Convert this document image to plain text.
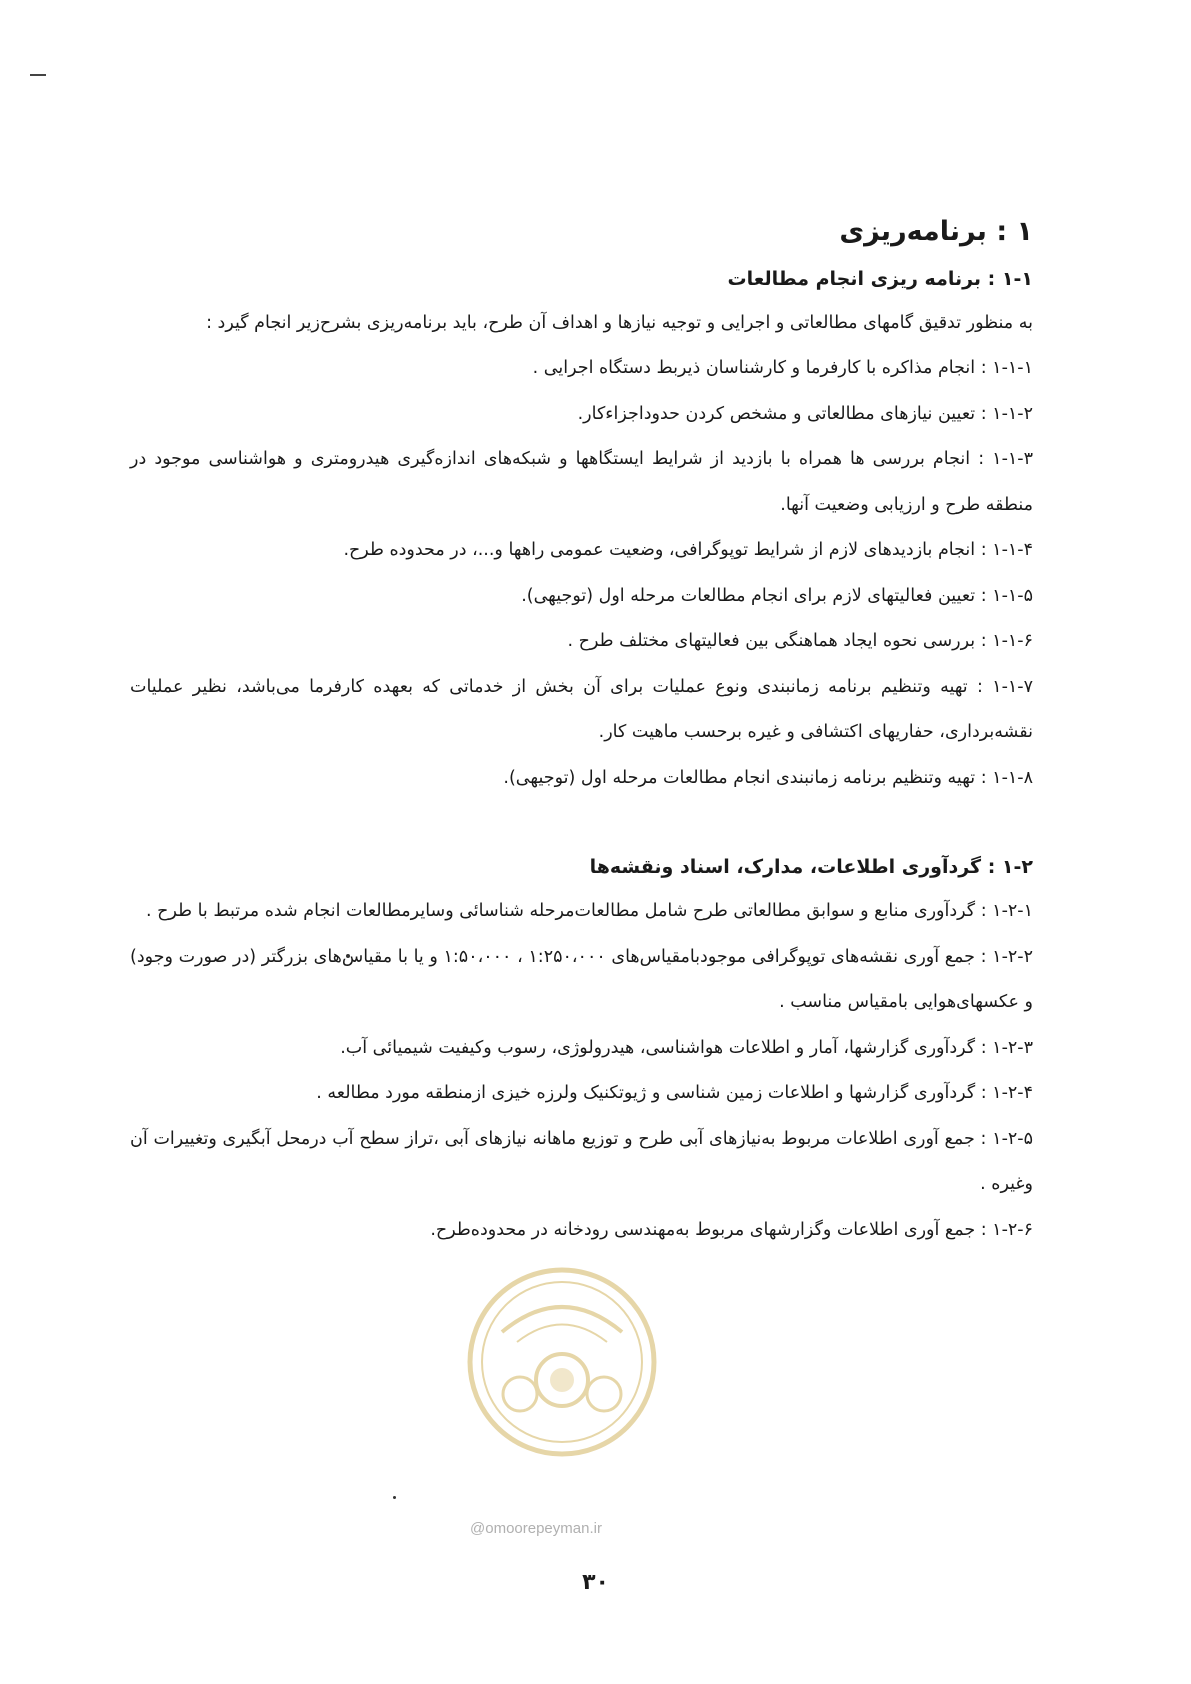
۱ : برنامه‌ریزی
۱-۱ : برنامه ریزی انجام مطالعات

به منظور تدقیق گامهای مطالعاتی و اجرایی و توجیه نیازها و اهداف آن طرح، باید برنامه‌ریزی بشرح‌زیر انجام گیرد :

۱-۱-۱ : انجام مذاکره با کارفرما و کارشناسان ذیربط دستگاه اجرایی .

۱-۱-۲ : تعیین نیازهای مطالعاتی و مشخص کردن حدوداجزاءکار.

۱-۱-۳ : انجام بررسی ها همراه با بازدید از شرایط ایستگاهها و شبکه‌های اندازه‌گیری هیدرومتری و هواشناسی موجود در منطقه طرح و ارزیابی وضعیت آنها.

۱-۱-۴ : انجام بازدیدهای لازم از شرایط توپوگرافی، وضعیت عمومی راهها و...، در محدوده طرح.

۱-۱-۵ : تعیین فعالیتهای لازم برای انجام مطالعات مرحله اول (توجیهی).

۱-۱-۶ : بررسی نحوه ایجاد هماهنگی بین فعالیتهای مختلف طرح .

۱-۱-۷ : تهیه وتنظیم برنامه زمانبندی ونوع عملیات برای آن بخش از خدماتی که بعهده کارفرما می‌باشد، نظیر عملیات نقشه‌برداری، حفاریهای اکتشافی و غیره برحسب ماهیت کار.

۱-۱-۸ : تهیه وتنظیم برنامه زمانبندی انجام مطالعات مرحله اول (توجیهی).

۱-۲ : گردآوری اطلاعات، مدارک، اسناد ونقشه‌ها

۱-۲-۱ : گردآوری منابع و سوابق مطالعاتی طرح شامل مطالعات‌مرحله شناسائی وسایرمطالعات انجام شده مرتبط با طرح .

۱-۲-۲ : جمع آوری نقشه‌های توپوگرافی موجودبامقیاس‌های ۱:۲۵۰،۰۰۰ ، ۱:۵۰،۰۰۰ و یا با مقیاس‌های بزرگتر (در صورت وجود) و عکسهای‌هوایی بامقیاس مناسب .

۱-۲-۳ : گردآوری گزارشها، آمار و اطلاعات هواشناسی، هیدرولوژی، رسوب وکیفیت شیمیائی آب.

۱-۲-۴ : گردآوری گزارشها و اطلاعات زمین شناسی و ژیوتکنیک ولرزه خیزی ازمنطقه مورد مطالعه .

۱-۲-۵ : جمع آوری اطلاعات مربوط به‌نیازهای آبی طرح و توزیع ماهانه نیازهای آبی ،تراز سطح آب درمحل آبگیری وتغییرات آن وغیره .

۱-۲-۶ : جمع آوری اطلاعات وگزارشهای مربوط به‌مهندسی رودخانه در محدوده‌طرح.

@omoorepeyman.ir
۳۰
